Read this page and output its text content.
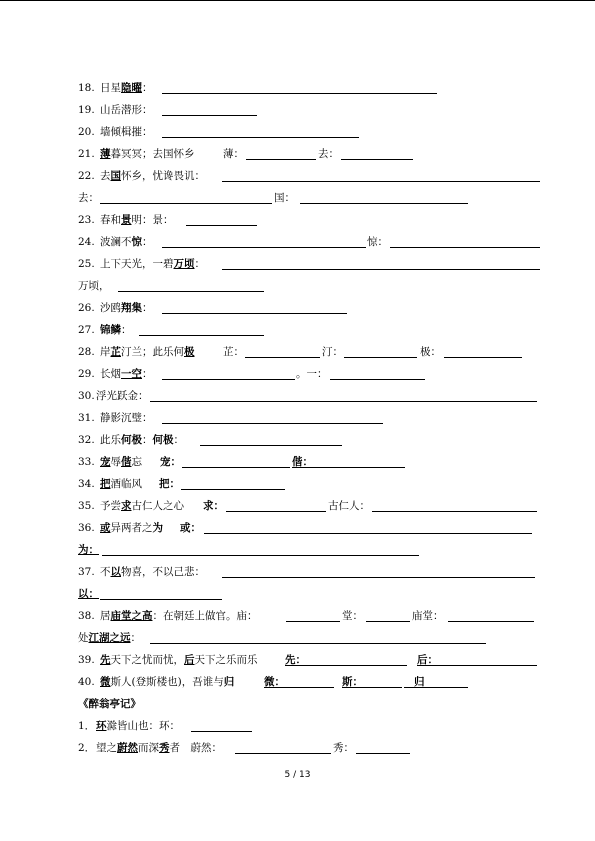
18. 日星隐曜：
19. 山岳潜形：
20. 墙倾楫摧：
21. 薄暮冥冥；去国怀乡	薄：	去：
22. 去国怀乡，忧谗畏讥：
去：	国：
23. 春和景明：景：
24. 波澜不惊：	惊：
25. 上下天光，一碧万顷：
万顷，
26. 沙鸥翔集：
27. 锦鳞：
28. 岸芷汀兰；此乐何极	芷：	汀：	极：
29. 长烟一空：	。一：
30. 浮光跃金：
31. 静影沉璧：
32. 此乐何极：何极：
33. 宠辱偕忘 宠：	偕：
34. 把酒临风 把：
35. 予尝求古仁人之心 求：	古仁人：
36. 或异两者之为 或：
为：
37. 不以物喜，不以己悲：
以：
38. 居庙堂之高：在朝廷上做官。庙：	堂：	庙堂：
处江湖之远：
39. 先天下之忧而忧，后天下之乐而乐	先：	后：
40. 微斯人(登斯楼也)，吾谁与归	微：	斯：	归
《醉翁亭记》
1． 环滁皆山也：环：
2． 望之蔚然而深秀者　蔚然：	秀：
5 / 13
